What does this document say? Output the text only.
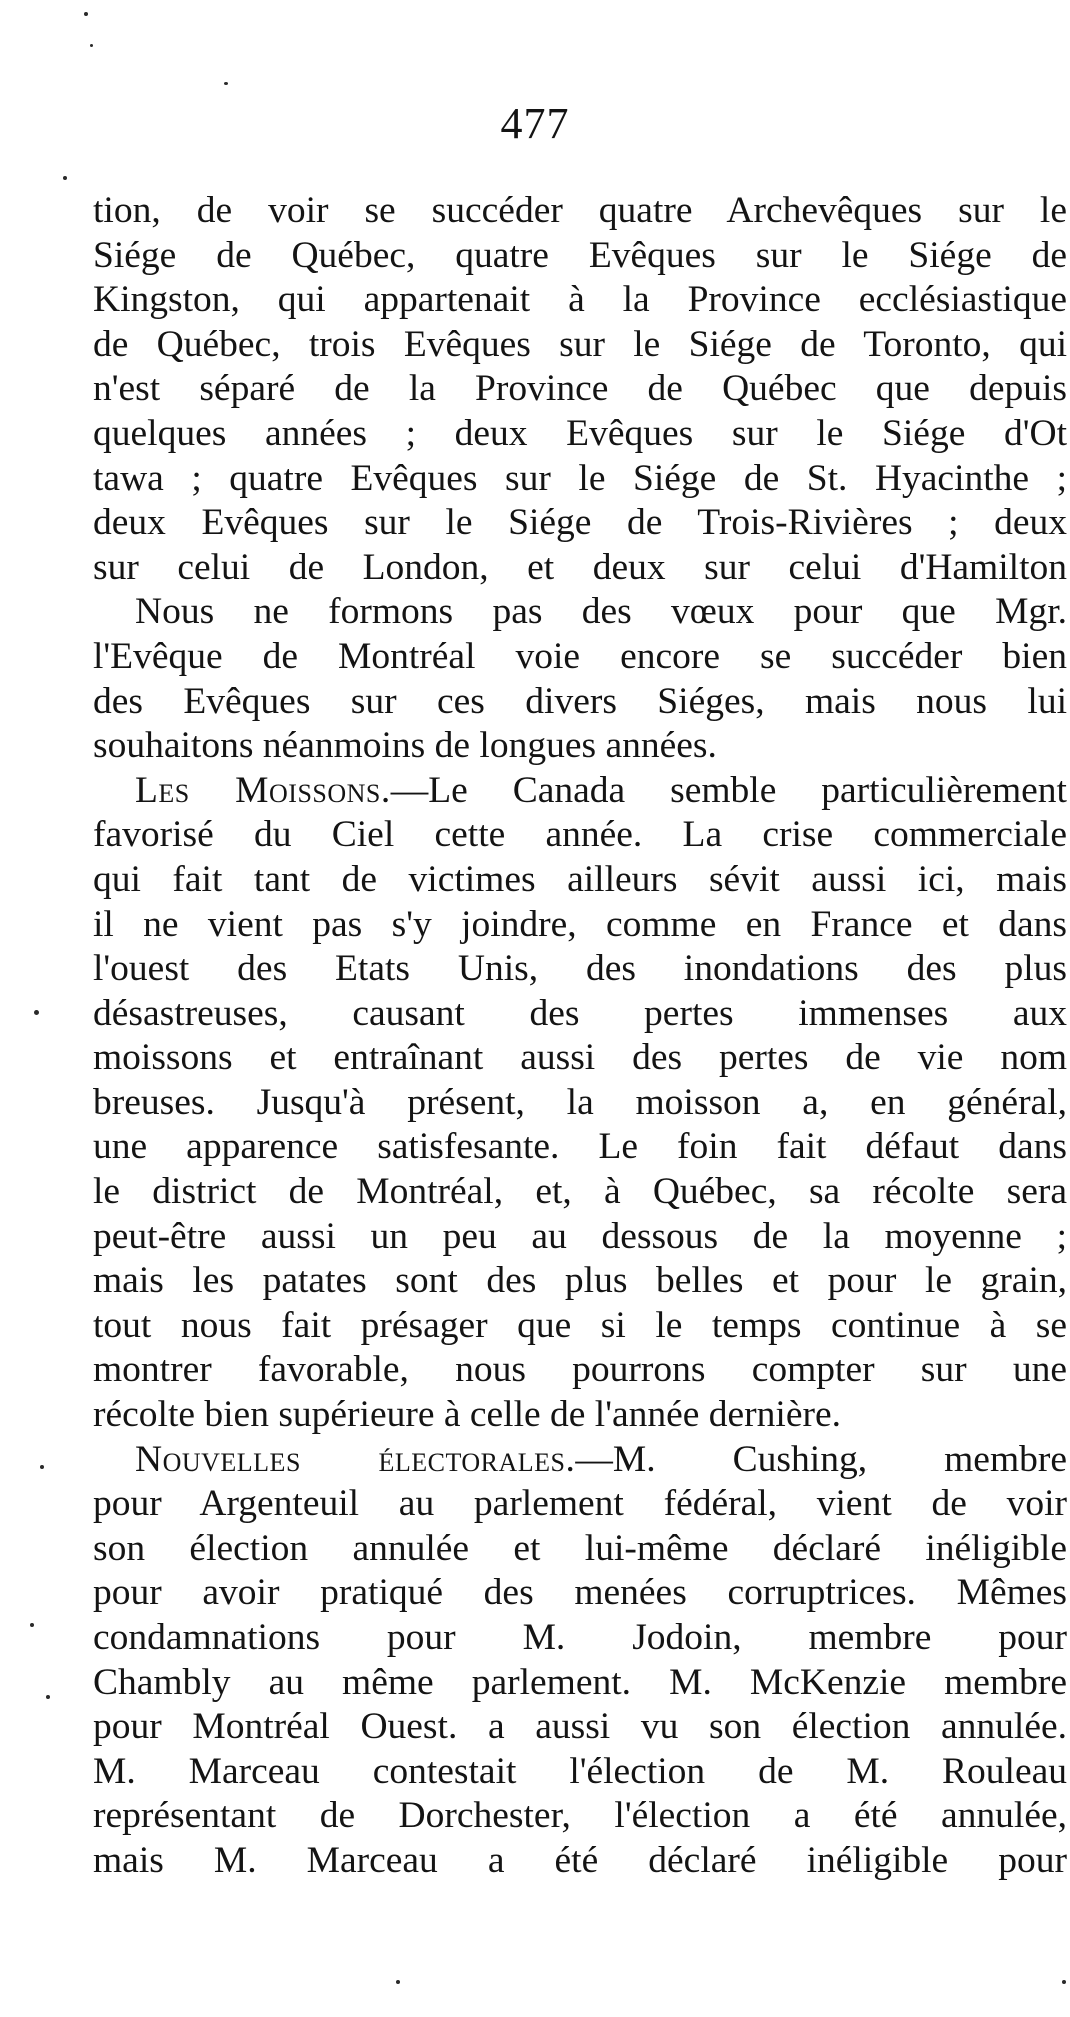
477
tion, de voir se succéder quatre Archevêques sur le
Siége de Québec, quatre Evêques sur le Siége de
Kingston, qui appartenait à la Province ecclésiastique
de Québec, trois Evêques sur le Siége de Toronto, qui
n'est séparé de la Province de Québec que depuis
quelques années ; deux Evêques sur le Siége d'Ot
tawa ; quatre Evêques sur le Siége de St. Hyacinthe ;
deux Evêques sur le Siége de Trois-Rivières ; deux
sur celui de London, et deux sur celui d'Hamilton
Nous ne formons pas des vœux pour que Mgr.
l'Evêque de Montréal voie encore se succéder bien
des Evêques sur ces divers Siéges, mais nous lui
souhaitons néanmoins de longues années.
Les Moissons.—Le Canada semble particulièrement
favorisé du Ciel cette année. La crise commerciale
qui fait tant de victimes ailleurs sévit aussi ici, mais
il ne vient pas s'y joindre, comme en France et dans
l'ouest des Etats Unis, des inondations des plus
désastreuses, causant des pertes immenses aux
moissons et entraînant aussi des pertes de vie nom
breuses. Jusqu'à présent, la moisson a, en général,
une apparence satisfesante. Le foin fait défaut dans
le district de Montréal, et, à Québec, sa récolte sera
peut-être aussi un peu au dessous de la moyenne ;
mais les patates sont des plus belles et pour le grain,
tout nous fait présager que si le temps continue à se
montrer favorable, nous pourrons compter sur une
récolte bien supérieure à celle de l'année dernière.
Nouvelles électorales.—M. Cushing, membre
pour Argenteuil au parlement fédéral, vient de voir
son élection annulée et lui-même déclaré inéligible
pour avoir pratiqué des menées corruptrices. Mêmes
condamnations pour M. Jodoin, membre pour
Chambly au même parlement. M. McKenzie membre
pour Montréal Ouest. a aussi vu son élection annulée.
M. Marceau contestait l'élection de M. Rouleau
représentant de Dorchester, l'élection a été annulée,
mais M. Marceau a été déclaré inéligible pour
